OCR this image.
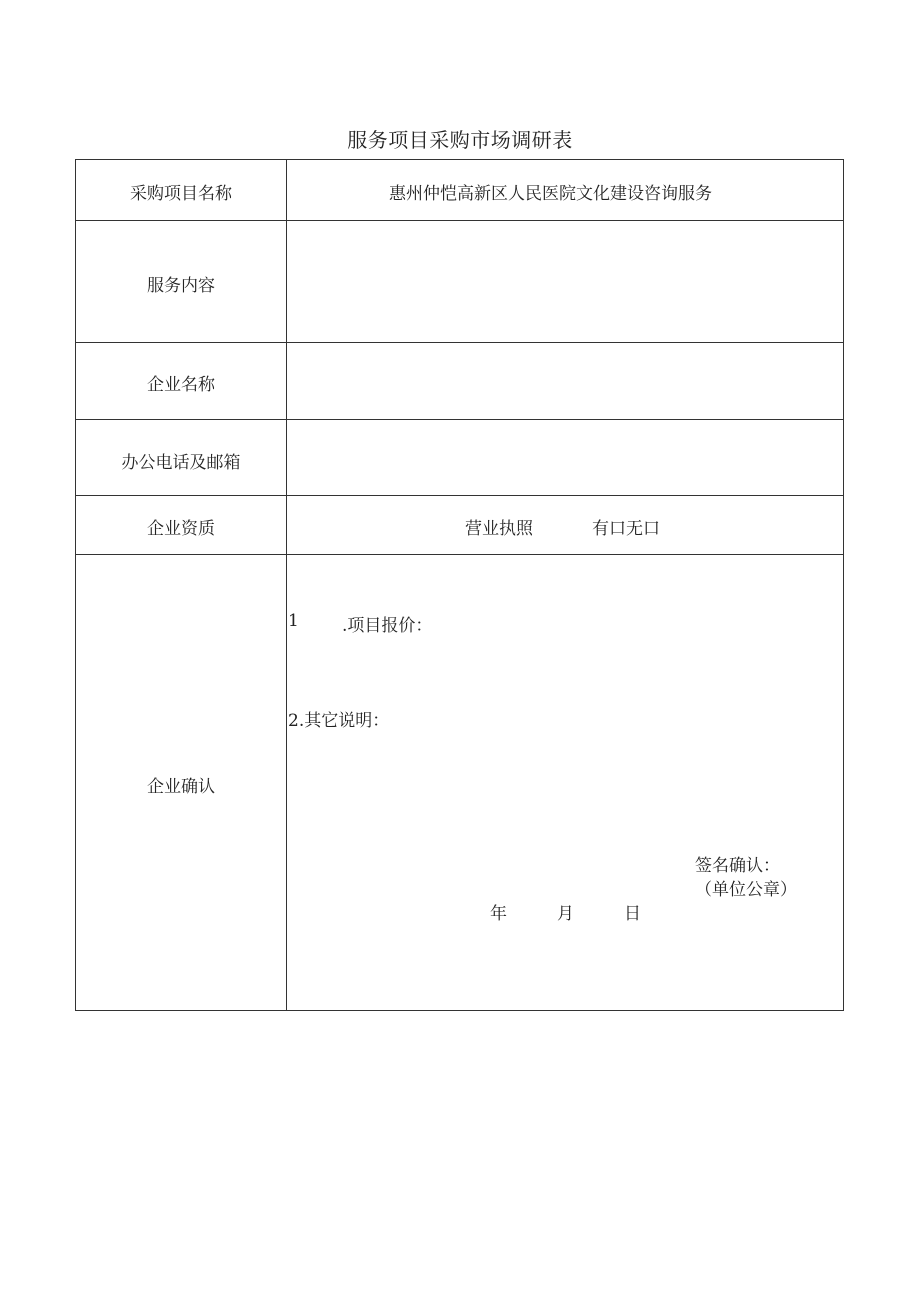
服务项目采购市场调研表
采购项目名称	惠州仲恺高新区人民医院文化建设咨询服务
服务内容
企业名称
办公电话及邮箱
企业资质	营业执照	有口无口
企业确认
1	.项目报价：
2.其它说明：
签名确认：
（单位公章）
年	月	日
